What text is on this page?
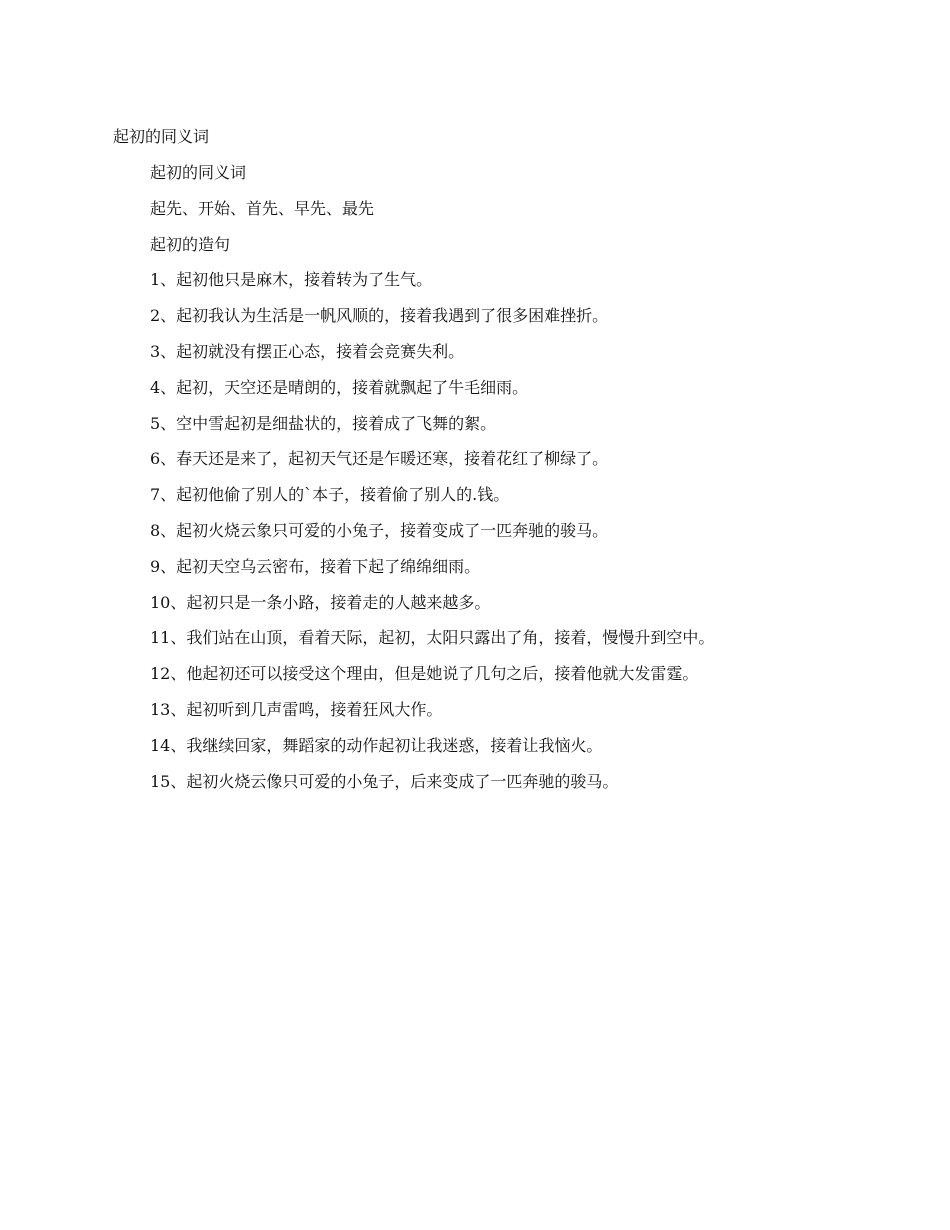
起初的同义词

起初的同义词

起先、开始、首先、早先、最先

起初的造句

1、起初他只是麻木，接着转为了生气。
2、起初我认为生活是一帆风顺的，接着我遇到了很多困难挫折。
3、起初就没有摆正心态，接着会竞赛失利。
4、起初，天空还是晴朗的，接着就飘起了牛毛细雨。
5、空中雪起初是细盐状的，接着成了飞舞的絮。
6、春天还是来了，起初天气还是乍暖还寒，接着花红了柳绿了。
7、起初他偷了别人的`本子，接着偷了别人的.钱。
8、起初火烧云象只可爱的小兔子，接着变成了一匹奔驰的骏马。
9、起初天空乌云密布，接着下起了绵绵细雨。
10、起初只是一条小路，接着走的人越来越多。
11、我们站在山顶，看着天际，起初，太阳只露出了角，接着，慢慢升到空中。
12、他起初还可以接受这个理由，但是她说了几句之后，接着他就大发雷霆。
13、起初听到几声雷鸣，接着狂风大作。
14、我继续回家，舞蹈家的动作起初让我迷惑，接着让我恼火。
15、起初火烧云像只可爱的小兔子，后来变成了一匹奔驰的骏马。
